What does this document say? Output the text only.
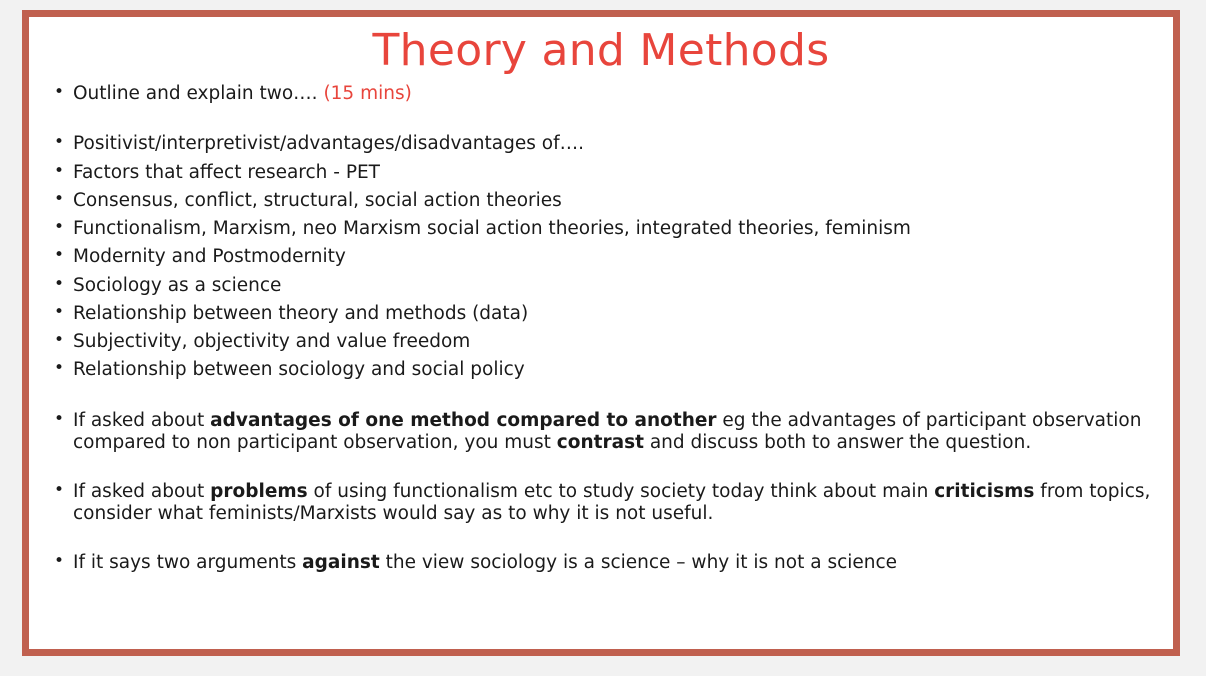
Theory and Methods
• Outline and explain two…. (15 mins)
• Positivist/interpretivist/advantages/disadvantages of….
• Factors that affect research - PET
• Consensus, conflict, structural, social action theories
• Functionalism, Marxism, neo Marxism social action theories, integrated theories, feminism
• Modernity and Postmodernity
• Sociology as a science
• Relationship between theory and methods (data)
• Subjectivity, objectivity and value freedom
• Relationship between sociology and social policy
• If asked about advantages of one method compared to another eg the advantages of participant observation compared to non participant observation, you must contrast and discuss both to answer the question.
• If asked about problems of using functionalism etc to study society today think about main criticisms from topics, consider what feminists/Marxists would say as to why it is not useful.
• If it says two arguments against the view sociology is a science – why it is not a science
